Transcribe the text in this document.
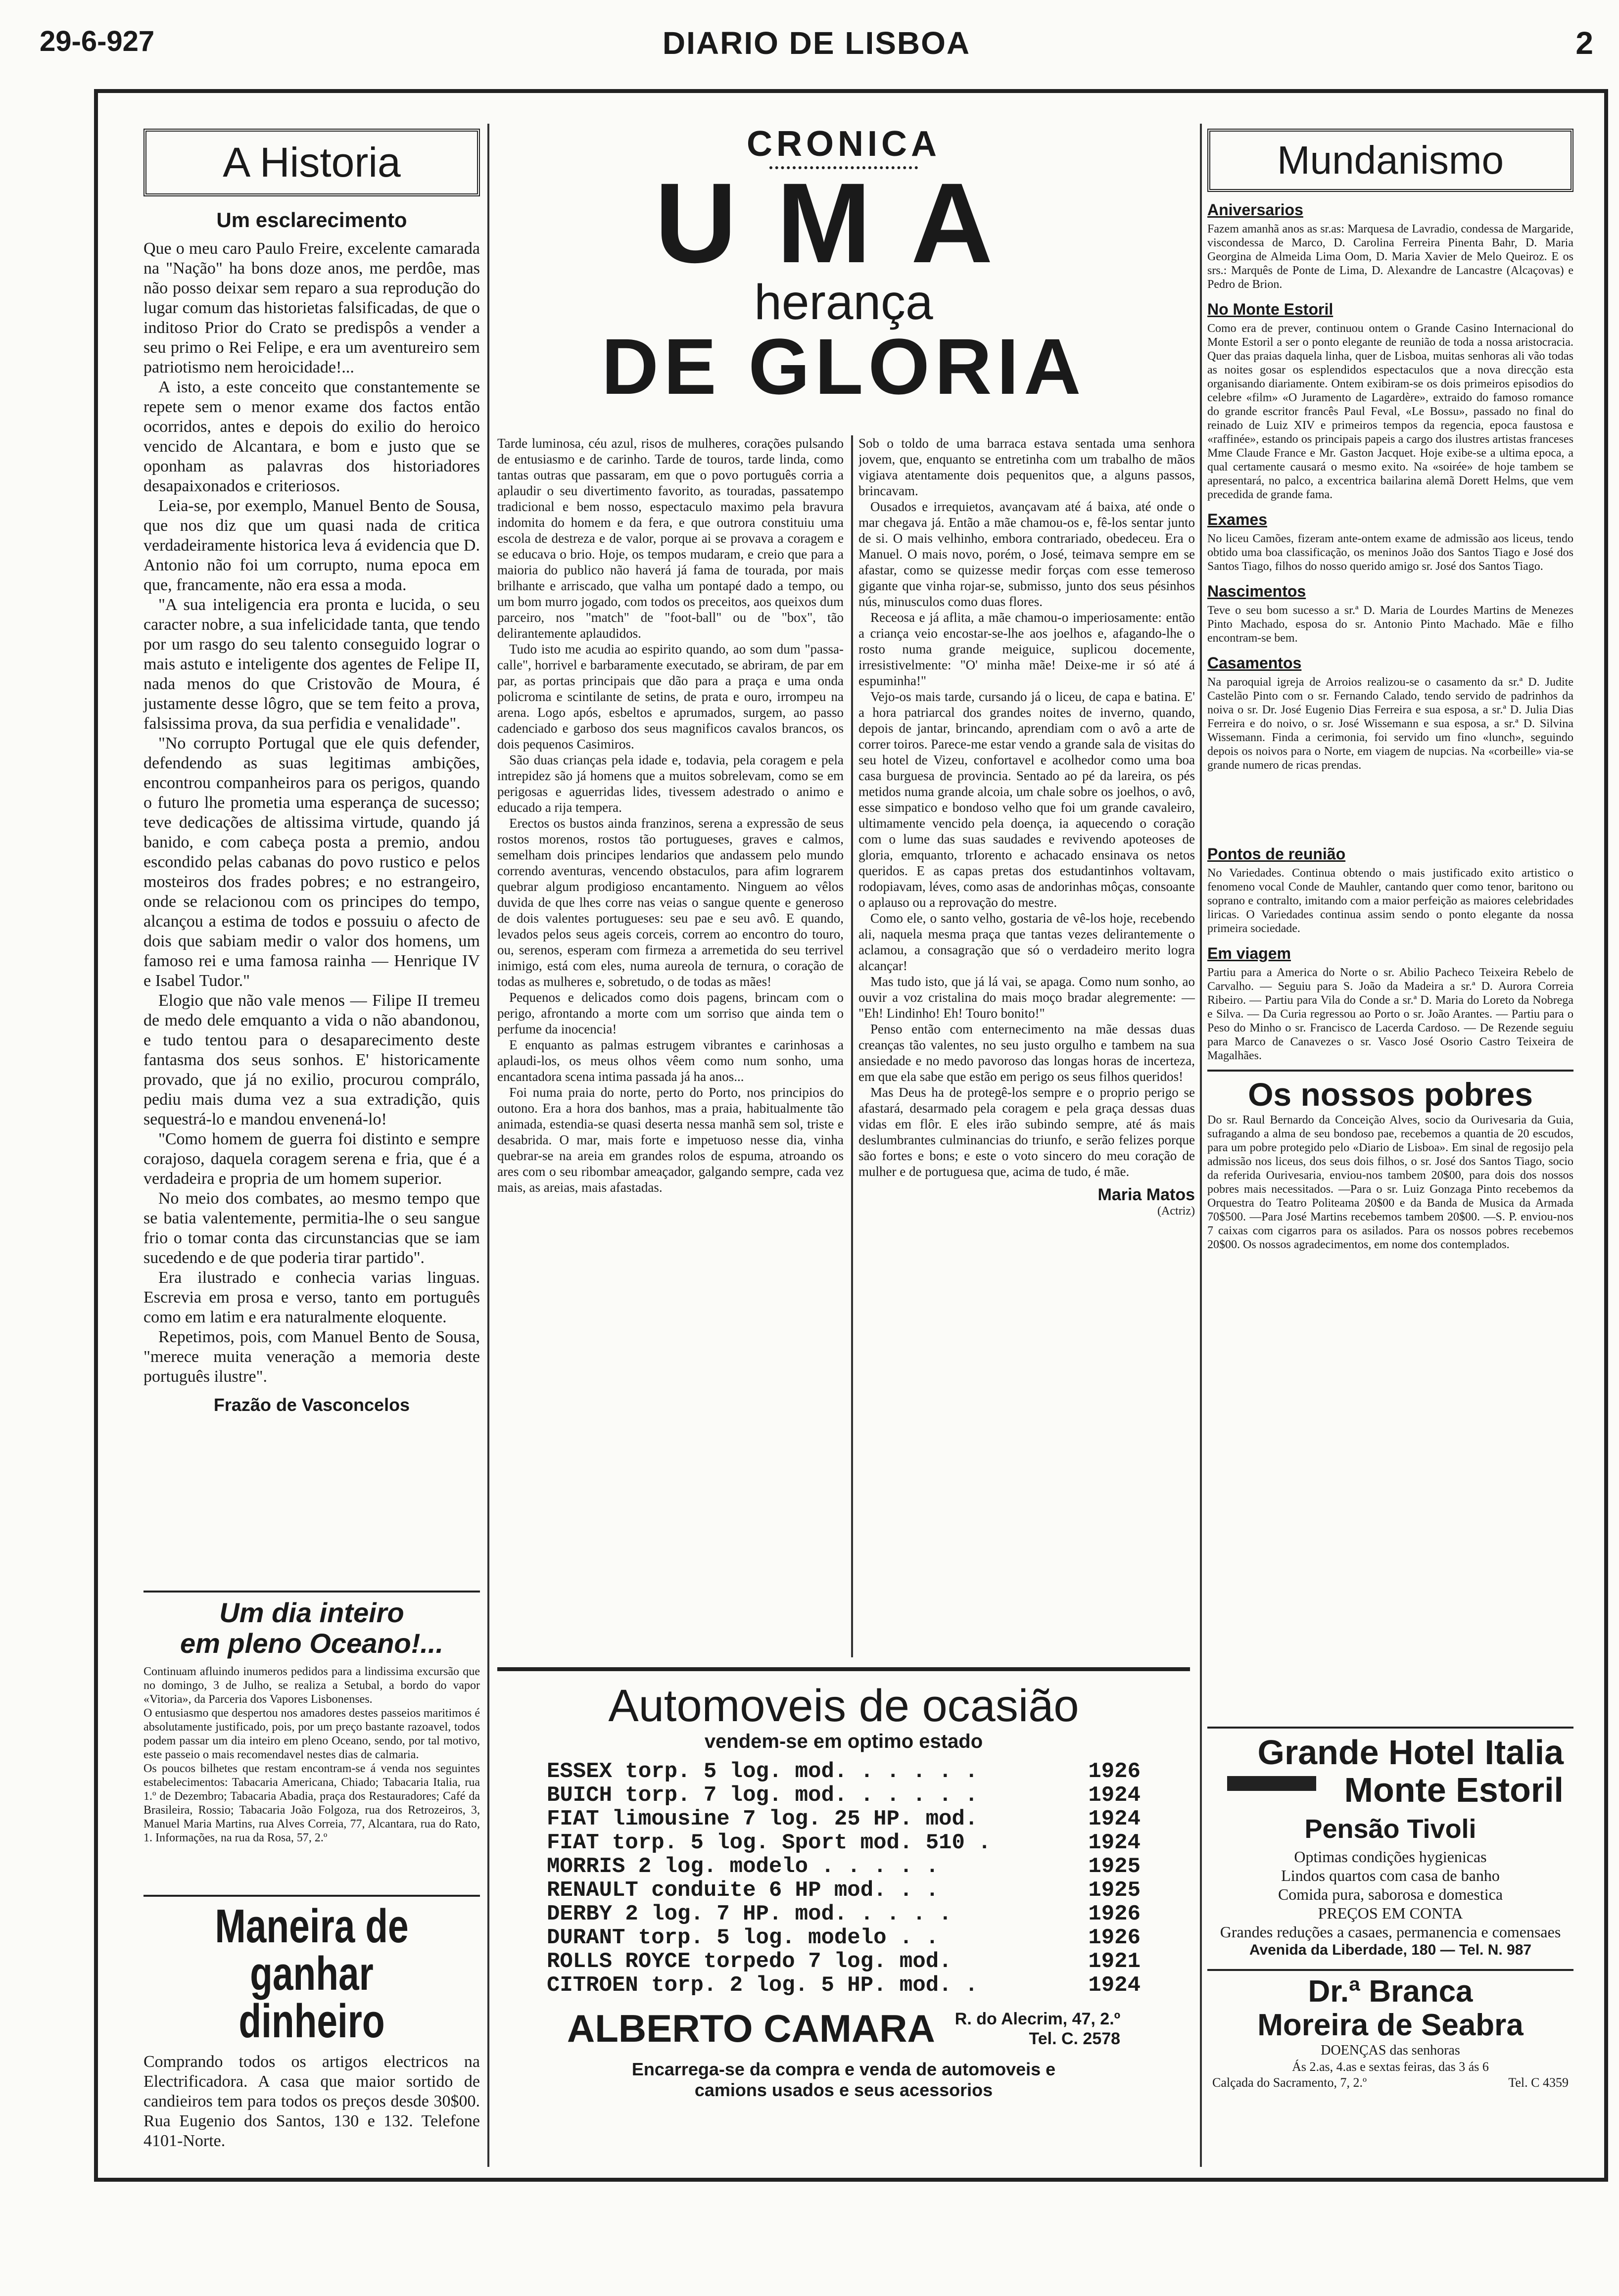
29-6-927	DIARIO DE LISBOA	2
A Historia
Um esclarecimento

Que o meu caro Paulo Freire, excelente camarada na "Nação" ha bons doze anos, me perdôe, mas não posso deixar sem reparo a sua reprodução do lugar comum das historietas falsificadas, de que o inditoso Prior do Crato se predispôs a vender a seu primo o Rei Felipe, e era um aventureiro sem patriotismo nem heroicidade!...

A isto, a este conceito que constantemente se repete sem o menor exame dos factos então ocorridos, antes e depois do exilio do heroico vencido de Alcantara, e bom e justo que se oponham as palavras dos historiadores desapaixonados e criteriosos.

Leia-se, por exemplo, Manuel Bento de Sousa, que nos diz que um quasi nada de critica verdadeiramente historica leva á evidencia que D. Antonio não foi um corrupto, numa epoca em que, francamente, não era essa a moda.

"A sua inteligencia era pronta e lucida, o seu caracter nobre, a sua infelicidade tanta, que tendo por um rasgo do seu talento conseguido lograr o mais astuto e inteligente dos agentes de Felipe II, nada menos do que Cristovão de Moura, é justamente desse lôgro, que se tem feito a prova, falsissima prova, da sua perfidia e venalidade".

"No corrupto Portugal que ele quis defender, defendendo as suas legitimas ambições, encontrou companheiros para os perigos, quando o futuro lhe prometia uma esperança de sucesso; teve dedicações de altissima virtude, quando já banido, e com cabeça posta a premio, andou escondido pelas cabanas do povo rustico e pelos mosteiros dos frades pobres; e no estrangeiro, onde se relacionou com os principes do tempo, alcançou a estima de todos e possuiu o afecto de dois que sabiam medir o valor dos homens, um famoso rei e uma famosa rainha — Henrique IV e Isabel Tudor."

Elogio que não vale menos — Filipe II tremeu de medo dele emquanto a vida o não abandonou, e tudo tentou para o desaparecimento deste fantasma dos seus sonhos. E' historicamente provado, que já no exilio, procurou comprálo, pediu mais duma vez a sua extradição, quis sequestrá-lo e mandou envenená-lo!

"Como homem de guerra foi distinto e sempre corajoso, daquela coragem serena e fria, que é a verdadeira e propria de um homem superior.

No meio dos combates, ao mesmo tempo que se batia valentemente, permitia-lhe o seu sangue frio o tomar conta das circunstancias que se iam sucedendo e de que poderia tirar partido".

Era ilustrado e conhecia varias linguas. Escrevia em prosa e verso, tanto em português como em latim e era naturalmente eloquente.

Repetimos, pois, com Manuel Bento de Sousa, "merece muita veneração a memoria deste português ilustre".

Frazão de Vasconcelos
Um dia inteiro
em pleno Oceano!...

Continuam afluindo inumeros pedidos para a lindissima excursão que no domingo, 3 de Julho, se realiza a Setubal, a bordo do vapor «Vitoria», da Parceria dos Vapores Lisbonenses.

O entusiasmo que despertou nos amadores destes passeios maritimos é absolutamente justificado, pois, por um preço bastante razoavel, todos podem passar um dia inteiro em pleno Oceano, sendo, por tal motivo, este passeio o mais recomendavel nestes dias de calmaria.

Os poucos bilhetes que restam encontram-se á venda nos seguintes estabelecimentos: Tabacaria Americana, Chiado; Tabacaria Italia, rua 1.º de Dezembro; Tabacaria Abadia, praça dos Restauradores; Café da Brasileira, Rossio; Tabacaria João Folgoza, rua dos Retrozeiros, 3, Manuel Maria Martins, rua Alves Correia, 77, Alcantara, rua do Rato, 1. Informações, na rua da Rosa, 57, 2.º

Maneira de ganhar dinheiro

Comprando todos os artigos electricos na Electrificadora. A casa que maior sortido de candieiros tem para todos os preços desde 30$00. Rua Eugenio dos Santos, 130 e 132. Telefone 4101-Norte.

CRONICA
UMA
herança
DE GLORIA

Tarde luminosa, céu azul, risos de mulheres, corações pulsando de entusiasmo e de carinho. Tarde de touros, tarde linda, como tantas outras que passaram, em que o povo português corria a aplaudir o seu divertimento favorito, as touradas, passatempo tradicional e bem nosso, espectaculo maximo pela bravura indomita do homem e da fera, e que outrora constituiu uma escola de destreza e de valor, porque ai se provava a coragem e se educava o brio. Hoje, os tempos mudaram, e creio que para a maioria do publico não haverá já fama de tourada, por mais brilhante e arriscado, que valha um pontapé dado a tempo, ou um bom murro jogado, com todos os preceitos, aos queixos dum parceiro, nos "match" de "foot-ball" ou de "box", tão delirantemente aplaudidos.

Tudo isto me acudia ao espirito quando, ao som dum "passa-calle", horrivel e barbaramente executado, se abriram, de par em par, as portas principais que dão para a praça e uma onda policroma e scintilante de setins, de prata e ouro, irrompeu na arena. Logo após, esbeltos e aprumados, surgem, ao passo cadenciado e garboso dos seus magnificos cavalos brancos, os dois pequenos Casimiros.

São duas crianças pela idade e, todavia, pela coragem e pela intrepidez são já homens que a muitos sobrelevam, como se em perigosas e aguerridas lides, tivessem adestrado o animo e educado a rija tempera.

Erectos os bustos ainda franzinos, serena a expressão de seus rostos morenos, rostos tão portugueses, graves e calmos, semelham dois principes lendarios que andassem pelo mundo correndo aventuras, vencendo obstaculos, para afim lograrem quebrar algum prodigioso encantamento. Ninguem ao vêlos duvida de que lhes corre nas veias o sangue quente e generoso de dois valentes portugueses: seu pae e seu avô. E quando, levados pelos seus ageis corceis, correm ao encontro do touro, ou, serenos, esperam com firmeza a arremetida do seu terrivel inimigo, está com eles, numa aureola de ternura, o coração de todas as mulheres e, sobretudo, o de todas as mães!

Pequenos e delicados como dois pagens, brincam com o perigo, afrontando a morte com um sorriso que ainda tem o perfume da inocencia!

E enquanto as palmas estrugem vibrantes e carinhosas a aplaudi-los, os meus olhos vêem como num sonho, uma encantadora scena intima passada já ha anos...

Foi numa praia do norte, perto do Porto, nos principios do outono. Era a hora dos banhos, mas a praia, habitualmente tão animada, estendia-se quasi deserta nessa manhã sem sol, triste e desabrida. O mar, mais forte e impetuoso nesse dia, vinha quebrar-se na areia em grandes rolos de espuma, atroando os ares com o seu ribombar ameaçador, galgando sempre, cada vez mais, as areias, mais afastadas.

Sob o toldo de uma barraca estava sentada uma senhora jovem, que, enquanto se entretinha com um trabalho de mãos vigiava atentamente dois pequenitos que, a alguns passos, brincavam.

Ousados e irrequietos, avançavam até á baixa, até onde o mar chegava já. Então a mãe chamou-os e, fê-los sentar junto de si. O mais velhinho, embora contrariado, obedeceu. Era o Manuel. O mais novo, porém, o José, teimava sempre em se afastar, como se quizesse medir forças com esse temeroso gigante que vinha rojar-se, submisso, junto dos seus pésinhos nús, minusculos como duas flores.

Receosa e já aflita, a mãe chamou-o imperiosamente: então a criança veio encostar-se-lhe aos joelhos e, afagando-lhe o rosto numa grande meiguice, suplicou docemente, irresistivelmente: "O' minha mãe! Deixe-me ir só até á espuminha!"

Vejo-os mais tarde, cursando já o liceu, de capa e batina. E' a hora patriarcal dos grandes noites de inverno, quando, depois de jantar, brincando, aprendiam com o avô a arte de correr toiros. Parece-me estar vendo a grande sala de visitas do seu hotel de Vizeu, confortavel e acolhedor como uma boa casa burguesa de provincia. Sentado ao pé da lareira, os pés metidos numa grande alcoia, um chale sobre os joelhos, o avô, esse simpatico e bondoso velho que foi um grande cavaleiro, ultimamente vencido pela doença, ia aquecendo o coração com o lume das suas saudades e revivendo apoteoses de gloria, emquanto, trIorento e achacado ensinava os netos queridos. E as capas pretas dos estudantinhos voltavam, rodopiavam, léves, como asas de andorinhas môças, consoante o aplauso ou a reprovação do mestre.

Como ele, o santo velho, gostaria de vê-los hoje, recebendo ali, naquela mesma praça que tantas vezes delirantemente o aclamou, a consagração que só o verdadeiro merito logra alcançar!

Mas tudo isto, que já lá vai, se apaga. Como num sonho, ao ouvir a voz cristalina do mais moço bradar alegremente: — "Eh! Lindinho! Eh! Touro bonito!"

Penso então com enternecimento na mãe dessas duas creanças tão valentes, no seu justo orgulho e tambem na sua ansiedade e no medo pavoroso das longas horas de incerteza, em que ela sabe que estão em perigo os seus filhos queridos!

Mas Deus ha de protegê-los sempre e o proprio perigo se afastará, desarmado pela coragem e pela graça dessas duas vidas em flôr. E eles irão subindo sempre, até ás mais deslumbrantes culminancias do triunfo, e serão felizes porque são fortes e bons; e este o voto sincero do meu coração de mulher e de portuguesa que, acima de tudo, é mãe.

Maria Matos
(Actriz)
Automoveis de ocasião
vendem-se em optimo estado
ESSEX torp. 5 log. mod. . . . . .	1926
BUICH torp. 7 log. mod. . . . . .	1924
FIAT limousine 7 log. 25 HP. mod.	1924
FIAT torp. 5 log. Sport mod. 510 .	1924
MORRIS 2 log. modelo . . . . .	1925
RENAULT conduite 6 HP mod. . .	1925
DERBY 2 log. 7 HP. mod. . . . .	1926
DURANT torp. 5 log. modelo . .	1926
ROLLS ROYCE torpedo 7 log. mod.	1921
CITROEN torp. 2 log. 5 HP. mod. .	1924
ALBERTO CAMARA R. do Alecrim, 47, 2.º
Tel. C. 2578
Encarrega-se da compra e venda de automoveis e camions usados e seus acessorios
Mundanismo
Aniversarios

Fazem amanhã anos as sr.as: Marquesa de Lavradio, condessa de Margaride, viscondessa de Marco, D. Carolina Ferreira Pinenta Bahr, D. Maria Georgina de Almeida Lima Oom, D. Maria Xavier de Melo Queiroz. E os srs.: Marquês de Ponte de Lima, D. Alexandre de Lancastre (Alcaçovas) e Pedro de Brion.

No Monte Estoril

Como era de prever, continuou ontem o Grande Casino Internacional do Monte Estoril a ser o ponto elegante de reunião de toda a nossa aristocracia. Quer das praias daquela linha, quer de Lisboa, muitas senhoras ali vão todas as noites gosar os esplendidos espectaculos que a nova direcção esta organisando diariamente. Ontem exibiram-se os dois primeiros episodios do celebre «film» «O Juramento de Lagardère», extraido do famoso romance do grande escritor francês Paul Feval, «Le Bossu», passado no final do reinado de Luiz XIV e primeiros tempos da regencia, epoca faustosa e «raffinée», estando os principais papeis a cargo dos ilustres artistas franceses Mme Claude France e Mr. Gaston Jacquet. Hoje exibe-se a ultima epoca, a qual certamente causará o mesmo exito. Na «soirée» de hoje tambem se apresentará, no palco, a excentrica bailarina alemã Dorett Helms, que vem precedida de grande fama.

Exames

No liceu Camões, fizeram ante-ontem exame de admissão aos liceus, tendo obtido uma boa classificação, os meninos João dos Santos Tiago e José dos Santos Tiago, filhos do nosso querido amigo sr. José dos Santos Tiago.

Nascimentos

Teve o seu bom sucesso a sr.ª D. Maria de Lourdes Martins de Menezes Pinto Machado, esposa do sr. Antonio Pinto Machado. Mãe e filho encontram-se bem.

Casamentos

Na paroquial igreja de Arroios realizou-se o casamento da sr.ª D. Judite Castelão Pinto com o sr. Fernando Calado, tendo servido de padrinhos da noiva o sr. Dr. José Eugenio Dias Ferreira e sua esposa, a sr.ª D. Julia Dias Ferreira e do noivo, o sr. José Wissemann e sua esposa, a sr.ª D. Silvina Wissemann. Finda a cerimonia, foi servido um fino «lunch», seguindo depois os noivos para o Norte, em viagem de nupcias. Na «corbeille» via-se grande numero de ricas prendas.

Pontos de reunião

No Variedades. Continua obtendo o mais justificado exito artistico o fenomeno vocal Conde de Mauhler, cantando quer como tenor, baritono ou soprano e contralto, imitando com a maior perfeição as maiores celebridades liricas. O Variedades continua assim sendo o ponto elegante da nossa primeira sociedade.

Em viagem

Partiu para a America do Norte o sr. Abilio Pacheco Teixeira Rebelo de Carvalho. — Seguiu para S. João da Madeira a sr.ª D. Aurora Correia Ribeiro. — Partiu para Vila do Conde a sr.ª D. Maria do Loreto da Nobrega e Silva. — Da Curia regressou ao Porto o sr. João Arantes. — Partiu para o Peso do Minho o sr. Francisco de Lacerda Cardoso. — De Rezende seguiu para Marco de Canavezes o sr. Vasco José Osorio Castro Teixeira de Magalhães.

Os nossos pobres

Do sr. Raul Bernardo da Conceição Alves, socio da Ourivesaria da Guia, sufragando a alma de seu bondoso pae, recebemos a quantia de 20 escudos, para um pobre protegido pelo «Diario de Lisboa». Em sinal de regosijo pela admissão nos liceus, dos seus dois filhos, o sr. José dos Santos Tiago, socio da referida Ourivesaria, enviou-nos tambem 20$00, para dois dos nossos pobres mais necessitados. —Para o sr. Luiz Gonzaga Pinto recebemos da Orquestra do Teatro Politeama 20$00 e da Banda de Musica da Armada 70$500. —Para José Martins recebemos tambem 20$00. —S. P. enviou-nos 7 caixas com cigarros para os asilados. Para os nossos pobres recebemos 20$00. Os nossos agradecimentos, em nome dos contemplados.

Grande Hotel Italia
Monte Estoril
Pensão Tivoli
Optimas condições hygienicas
Lindos quartos com casa de banho
Comida pura, saborosa e domestica
PREÇOS EM CONTA
Grandes reduções a casaes, permanencia e comensaes
Avenida da Liberdade, 180 — Tel. N. 987
Dr.ª Branca
Moreira de Seabra
DOENÇAS das senhoras
Ás 2.as, 4.as e sextas feiras, das 3 ás 6
Calçada do Sacramento, 7, 2.º	Tel. C 4359
